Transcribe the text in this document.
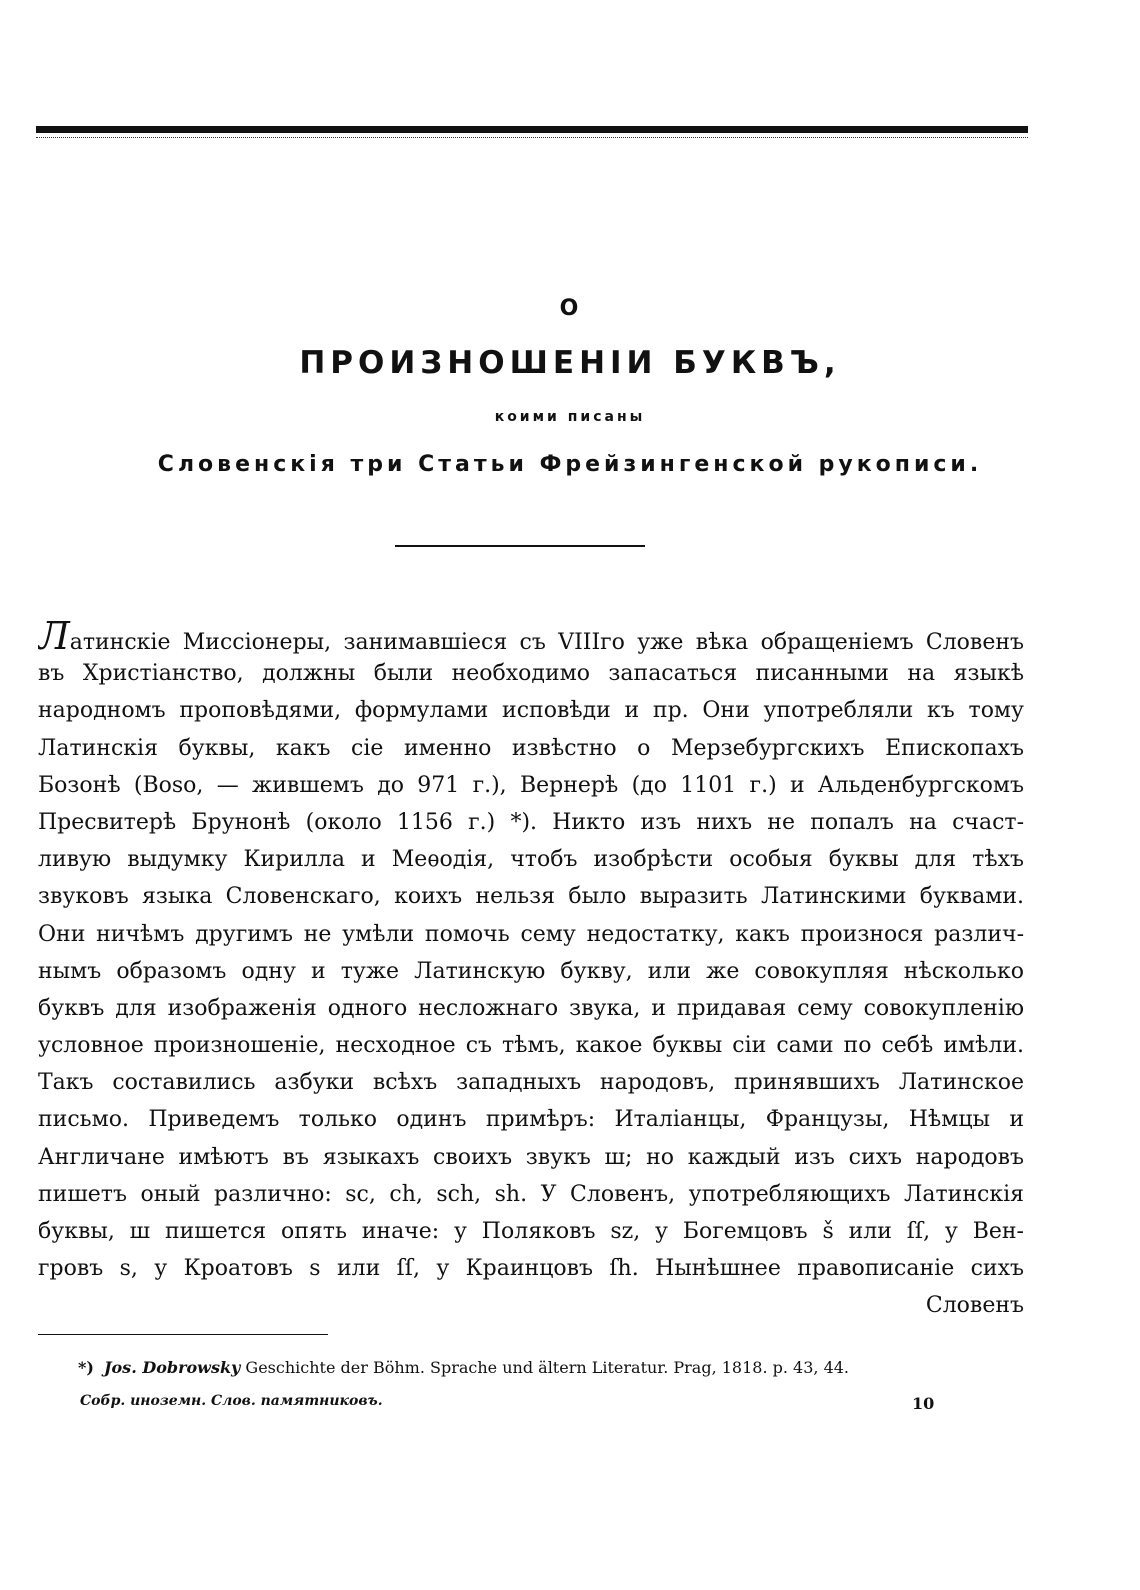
О
ПРОИЗНОШЕНІИ БУКВЪ,
коими писаны
Словенскія три Статьи Фрейзингенской рукописи.
Латинскіе Миссіонеры, занимавшіеся съ VIIIго уже вѣка обращеніемъ Словенъ
въ Христіанство, должны были необходимо запасаться писанными на языкѣ
народномъ проповѣдями, формулами исповѣди и пр. Они употребляли къ тому
Латинскія буквы, какъ сіе именно извѣстно о Мерзебургскихъ Епископахъ
Бозонѣ (Boso, — жившемъ до 971 г.), Вернерѣ (до 1101 г.) и Альденбургскомъ
Пресвитерѣ Брунонѣ (около 1156 г.) *). Никто изъ нихъ не попалъ на счаст-
ливую выдумку Кирилла и Меѳодія, чтобъ изобрѣсти особыя буквы для тѣхъ
звуковъ языка Словенскаго, коихъ нельзя было выразить Латинскими буквами.
Они ничѣмъ другимъ не умѣли помочь сему недостатку, какъ произнося различ-
нымъ образомъ одну и туже Латинскую букву, или же совокупляя нѣсколько
буквъ для изображенія одного несложнаго звука, и придавая сему совокупленію
условное произношеніе, несходное съ тѣмъ, какое буквы сіи сами по себѣ имѣли.
Такъ составились азбуки всѣхъ западныхъ народовъ, принявшихъ Латинское
письмо. Приведемъ только одинъ примѣръ: Италіанцы, Французы, Нѣмцы и
Англичане имѣютъ въ языкахъ своихъ звукъ ш; но каждый изъ сихъ народовъ
пишетъ оный различно: sc, ch, sch, sh. У Словенъ, употребляющихъ Латинскія
буквы, ш пишется опять иначе: у Поляковъ sz, у Богемцовъ š или ſſ, у Вен-
гровъ s, у Кроатовъ s или ſſ, у Краинцовъ ſh. Нынѣшнее правописаніе сихъ
Словенъ
*) Jos. Dobrowsky Geschichte der Böhm. Sprache und ältern Literatur. Prag, 1818. p. 43, 44.
Собр. иноземн. Слов. памятниковъ.	10
